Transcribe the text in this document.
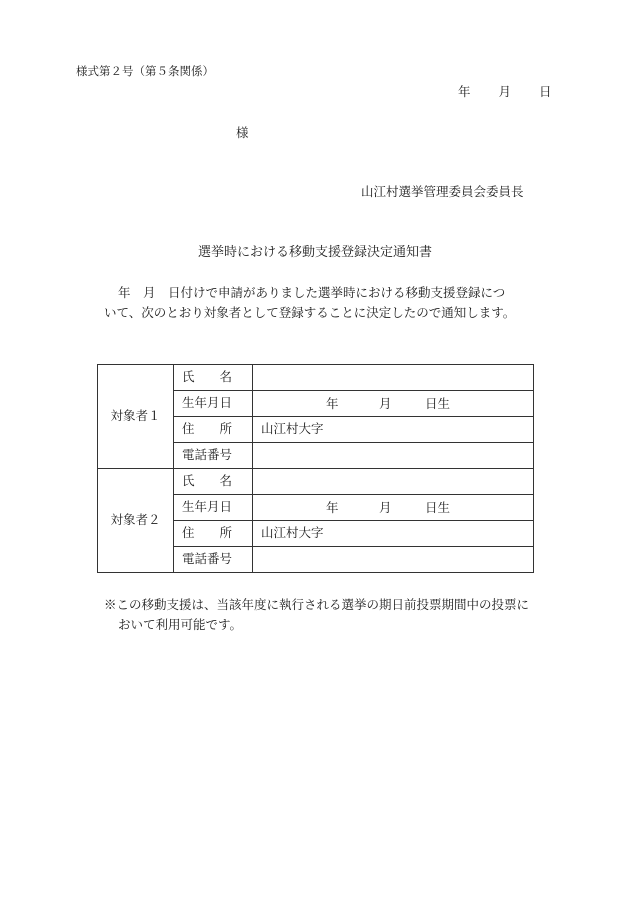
様式第２号（第５条関係）
年 月 日
様
山江村選挙管理委員会委員長
選挙時における移動支援登録決定通知書
年　月　日付けで申請がありました選挙時における移動支援登録につ
いて、次のとおり対象者として登録することに決定したので通知します。
対象者１	氏　　名	
	生年月日	年 月 日生

	住　　所	山江村大字
	電話番号	
対象者２	氏　　名	
	生年月日	年 月 日生

	住　　所	山江村大字
	電話番号	
※この移動支援は、当該年度に執行される選挙の期日前投票期間中の投票に
おいて利用可能です。
